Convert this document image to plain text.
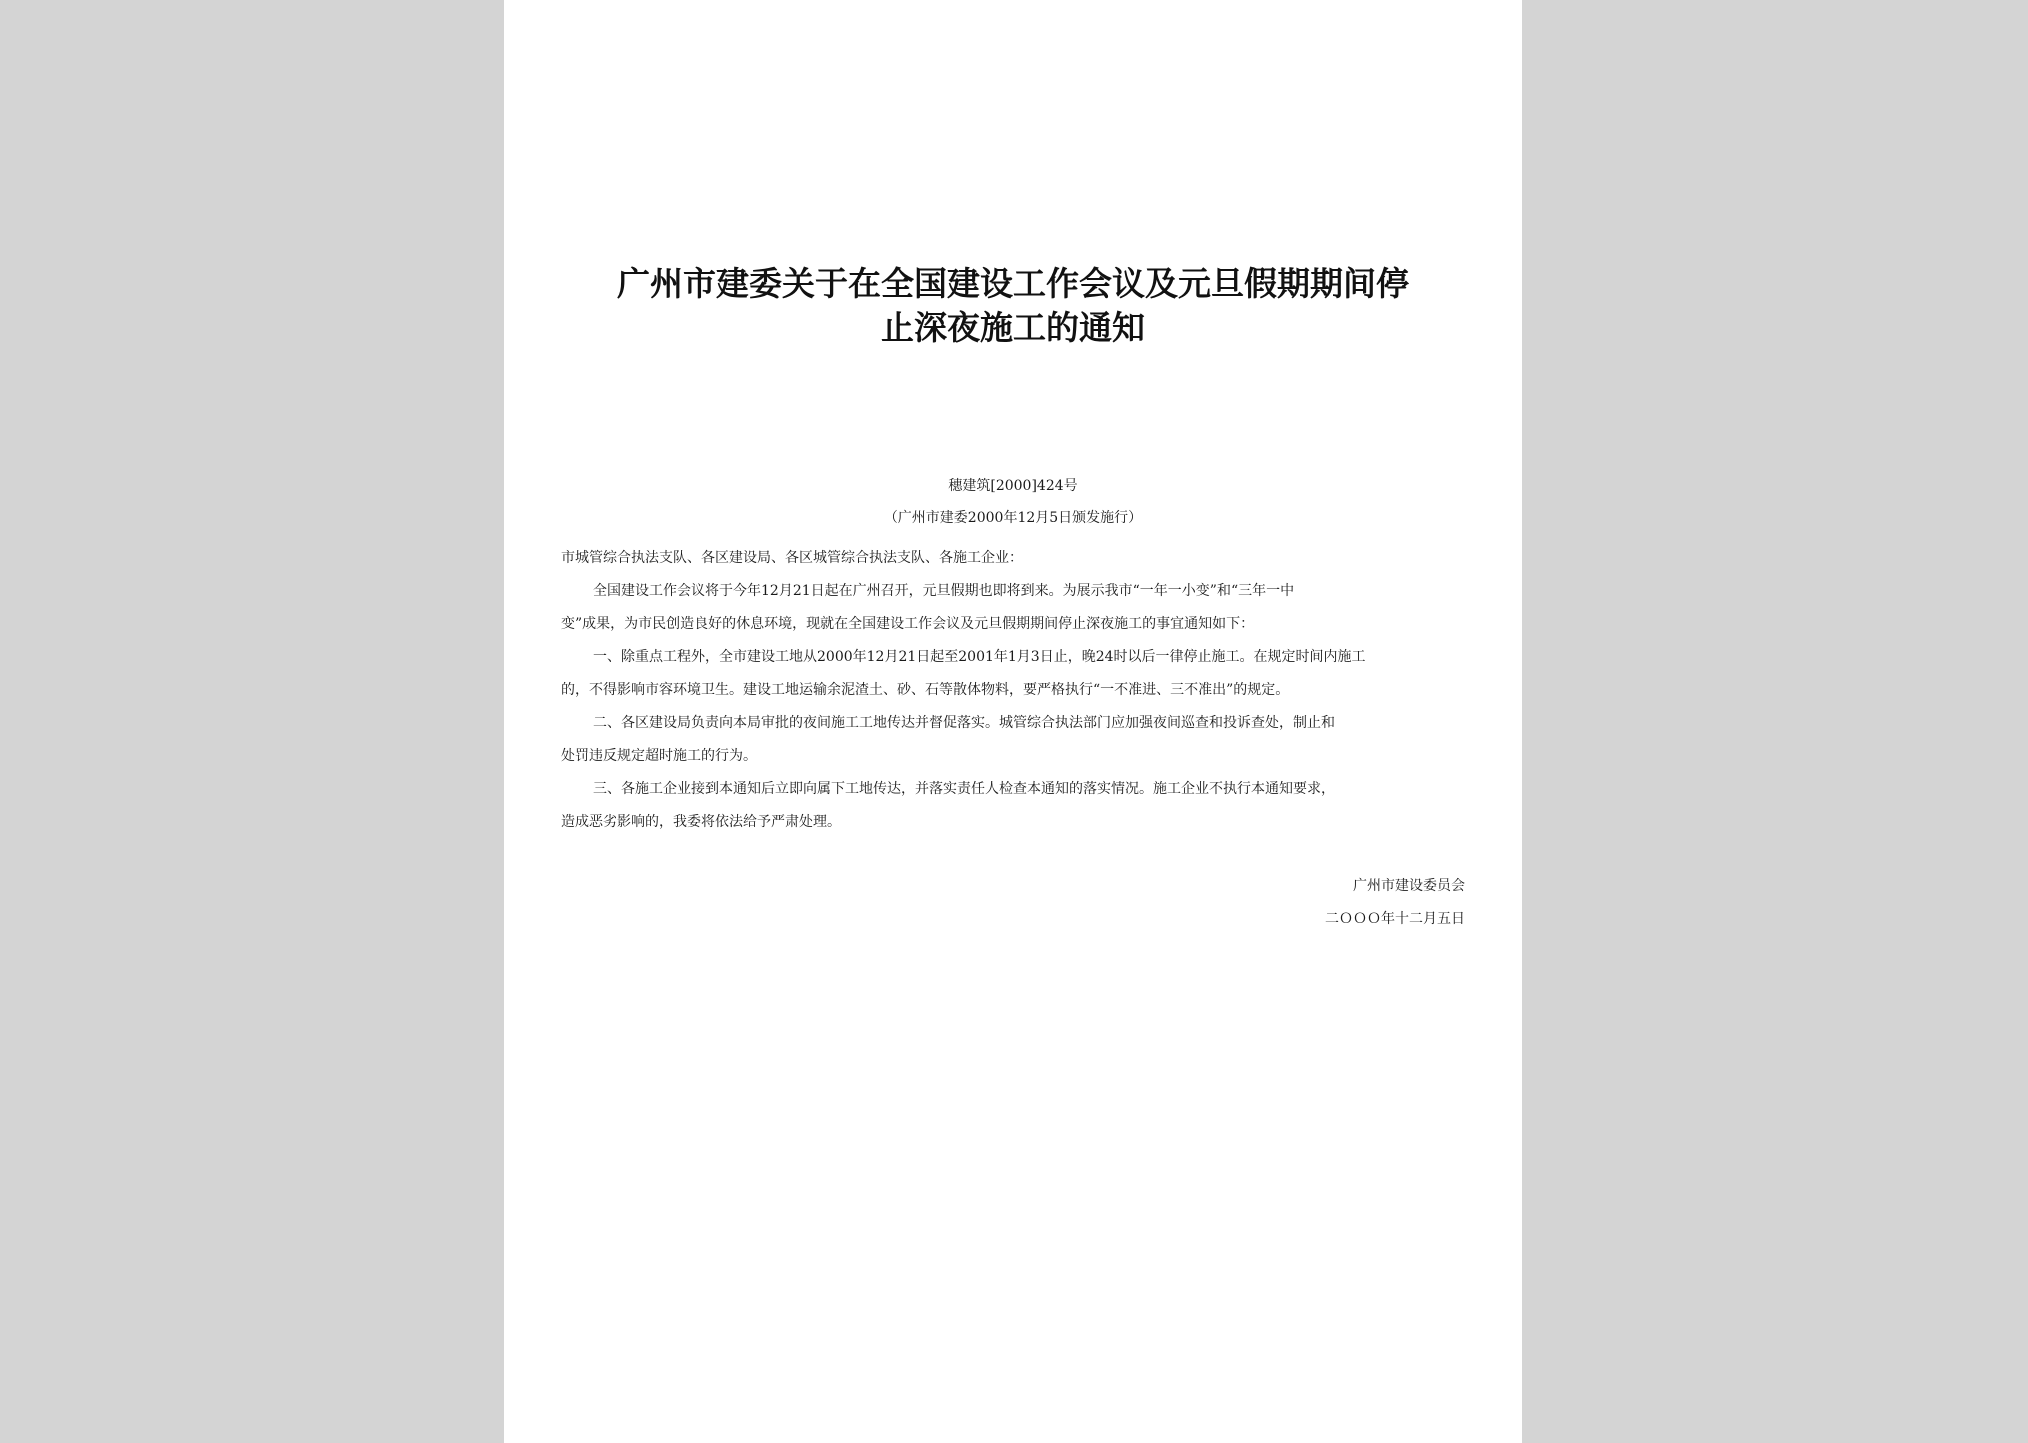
广州市建委关于在全国建设工作会议及元旦假期期间停
止深夜施工的通知
穗建筑[2000]424号
（广州市建委2000年12月5日颁发施行）

市城管综合执法支队、各区建设局、各区城管综合执法支队、各施工企业：

全国建设工作会议将于今年12月21日起在广州召开，元旦假期也即将到来。为展示我市“一年一小变”和“三年一中

变”成果，为市民创造良好的休息环境，现就在全国建设工作会议及元旦假期期间停止深夜施工的事宜通知如下：

一、除重点工程外，全市建设工地从2000年12月21日起至2001年1月3日止，晚24时以后一律停止施工。在规定时间内施工

的，不得影响市容环境卫生。建设工地运输余泥渣土、砂、石等散体物料，要严格执行“一不准进、三不准出”的规定。

二、各区建设局负责向本局审批的夜间施工工地传达并督促落实。城管综合执法部门应加强夜间巡查和投诉查处，制止和

处罚违反规定超时施工的行为。

三、各施工企业接到本通知后立即向属下工地传达，并落实责任人检查本通知的落实情况。施工企业不执行本通知要求，

造成恶劣影响的，我委将依法给予严肃处理。

广州市建设委员会

二ＯＯＯ年十二月五日
